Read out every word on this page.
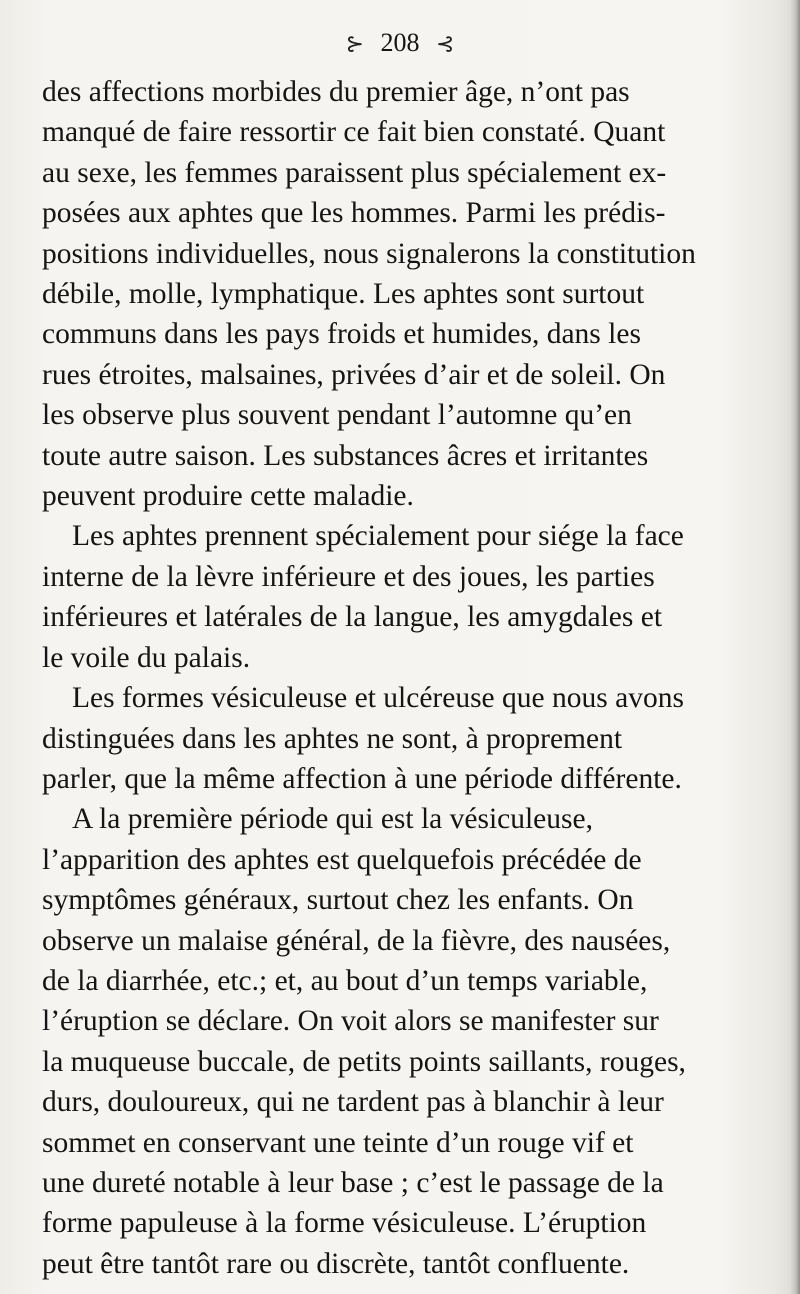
⊱ 208 ⊰
des affections morbides du premier âge, n’ont pas
manqué de faire ressortir ce fait bien constaté. Quant
au sexe, les femmes paraissent plus spécialement ex-
posées aux aphtes que les hommes. Parmi les prédis-
positions individuelles, nous signalerons la constitution
débile, molle, lymphatique. Les aphtes sont surtout
communs dans les pays froids et humides, dans les
rues étroites, malsaines, privées d’air et de soleil. On
les observe plus souvent pendant l’automne qu’en
toute autre saison. Les substances âcres et irritantes
peuvent produire cette maladie.
Les aphtes prennent spécialement pour siége la face
interne de la lèvre inférieure et des joues, les parties
inférieures et latérales de la langue, les amygdales et
le voile du palais.
Les formes vésiculeuse et ulcéreuse que nous avons
distinguées dans les aphtes ne sont, à proprement
parler, que la même affection à une période différente.
A la première période qui est la vésiculeuse,
l’apparition des aphtes est quelquefois précédée de
symptômes généraux, surtout chez les enfants. On
observe un malaise général, de la fièvre, des nausées,
de la diarrhée, etc.; et, au bout d’un temps variable,
l’éruption se déclare. On voit alors se manifester sur
la muqueuse buccale, de petits points saillants, rouges,
durs, douloureux, qui ne tardent pas à blanchir à leur
sommet en conservant une teinte d’un rouge vif et
une dureté notable à leur base ; c’est le passage de la
forme papuleuse à la forme vésiculeuse. L’éruption
peut être tantôt rare ou discrète, tantôt confluente.
